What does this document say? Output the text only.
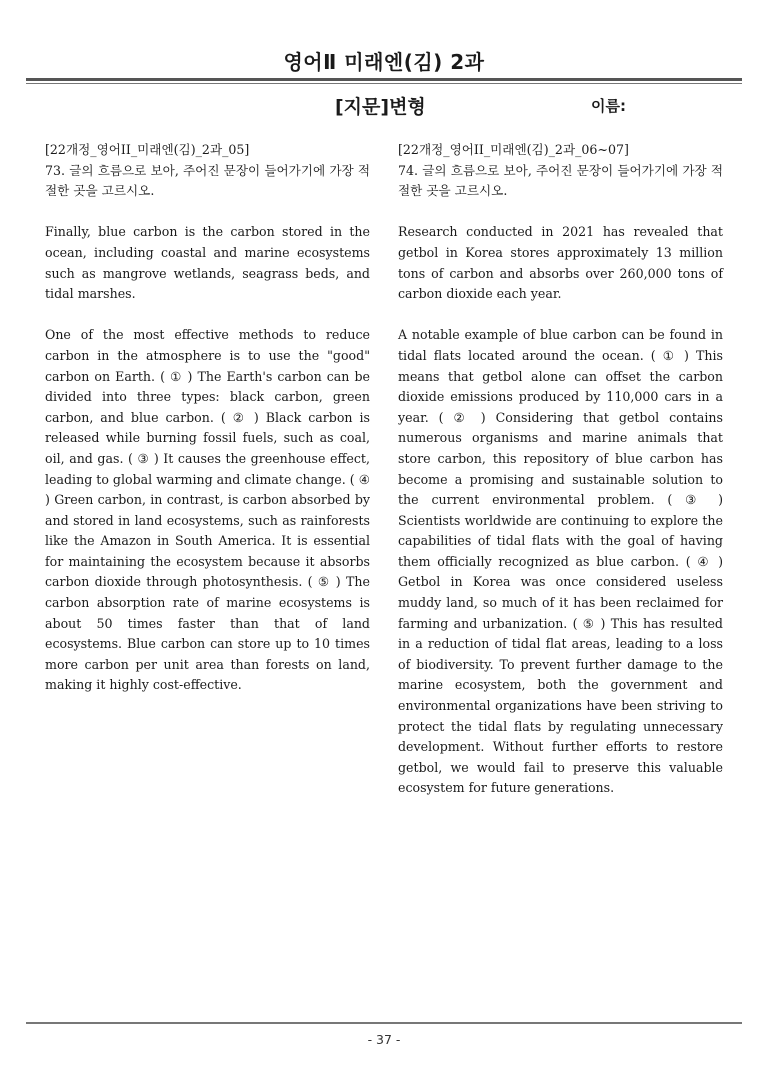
영어Ⅱ 미래엔(김) 2과
[지문]변형	이름:
[22개정_영어II_미래엔(김)_2과_05]
73. 글의 흐름으로 보아, 주어진 문장이 들어가기에 가장 적절한 곳을 고르시오.
Finally, blue carbon is the carbon stored in the ocean, including coastal and marine ecosystems such as mangrove wetlands, seagrass beds, and tidal marshes.
One of the most effective methods to reduce carbon in the atmosphere is to use the "good" carbon on Earth. ( ① ) The Earth's carbon can be divided into three types: black carbon, green carbon, and blue carbon. ( ② ) Black carbon is released while burning fossil fuels, such as coal, oil, and gas. ( ③ ) It causes the greenhouse effect, leading to global warming and climate change. ( ④ ) Green carbon, in contrast, is carbon absorbed by and stored in land ecosystems, such as rainforests like the Amazon in South America. It is essential for maintaining the ecosystem because it absorbs carbon dioxide through photosynthesis. ( ⑤ ) The carbon absorption rate of marine ecosystems is about 50 times faster than that of land ecosystems. Blue carbon can store up to 10 times more carbon per unit area than forests on land, making it highly cost-effective.
[22개정_영어II_미래엔(김)_2과_06~07]
74. 글의 흐름으로 보아, 주어진 문장이 들어가기에 가장 적절한 곳을 고르시오.
Research conducted in 2021 has revealed that getbol in Korea stores approximately 13 million tons of carbon and absorbs over 260,000 tons of carbon dioxide each year.
A notable example of blue carbon can be found in tidal flats located around the ocean. ( ① ) This means that getbol alone can offset the carbon dioxide emissions produced by 110,000 cars in a year. ( ② ) Considering that getbol contains numerous organisms and marine animals that store carbon, this repository of blue carbon has become a promising and sustainable solution to the current environmental problem. ( ③ ) Scientists worldwide are continuing to explore the capabilities of tidal flats with the goal of having them officially recognized as blue carbon. ( ④ ) Getbol in Korea was once considered useless muddy land, so much of it has been reclaimed for farming and urbanization. ( ⑤ ) This has resulted in a reduction of tidal flat areas, leading to a loss of biodiversity. To prevent further damage to the marine ecosystem, both the government and environmental organizations have been striving to protect the tidal flats by regulating unnecessary development. Without further efforts to restore getbol, we would fail to preserve this valuable ecosystem for future generations.
- 37 -
